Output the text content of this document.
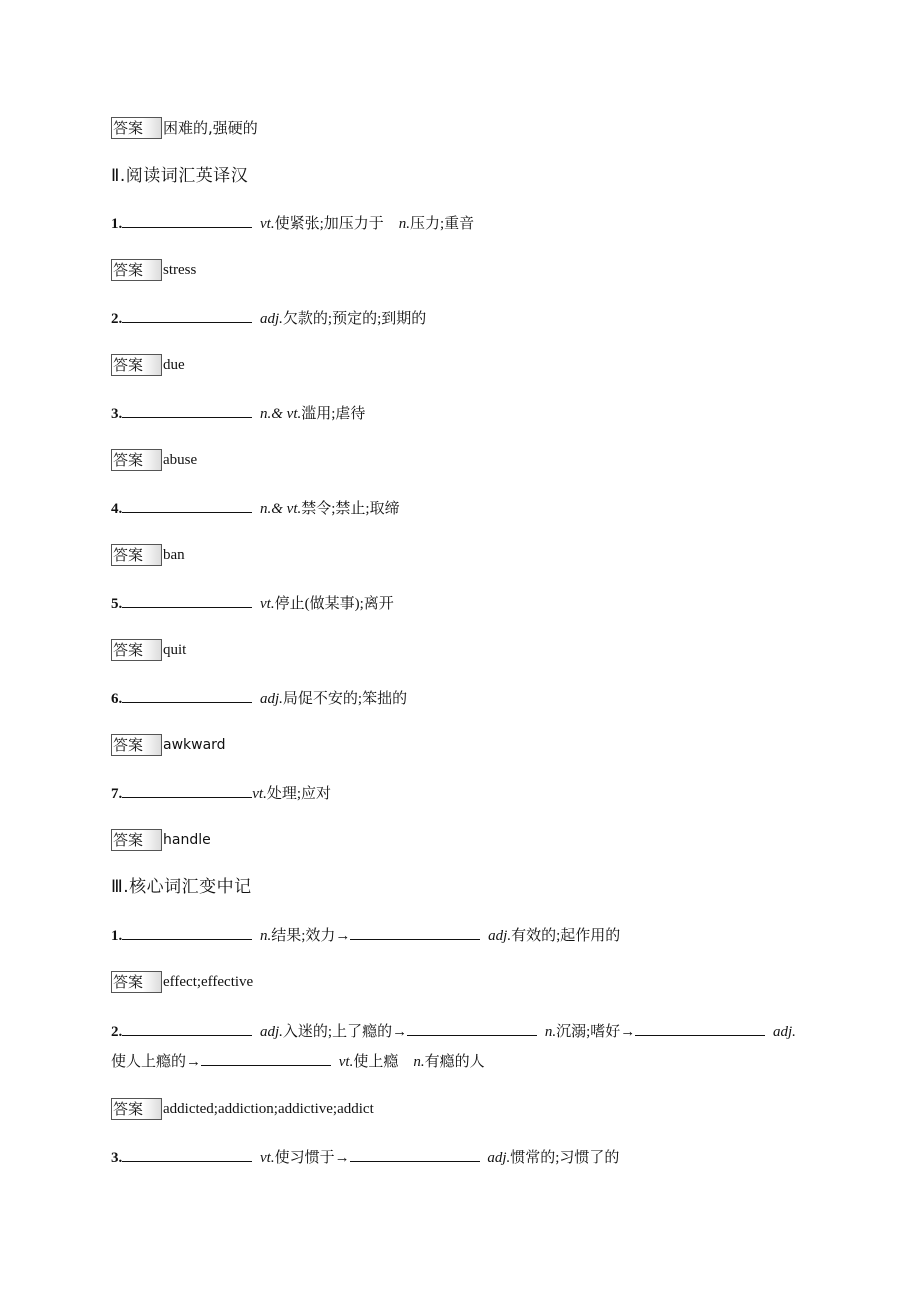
答案 困难的,强硬的
Ⅱ.阅读词汇英译汉
1.	vt.使紧张;加压力于 n.压力;重音
答案 stress
2.	adj.欠款的;预定的;到期的
答案 due
3.	n.& vt.滥用;虐待
答案 abuse
4.	n.& vt.禁令;禁止;取缔
答案 ban
5.	vt.停止(做某事);离开
答案 quit
6.	adj.局促不安的;笨拙的
答案 awkward
7.	vt.处理;应对
答案 handle
Ⅲ.核心词汇变中记
1.	n.结果;效力→	adj.有效的;起作用的
答案 effect;effective
2.	adj.入迷的;上了瘾的→	n.沉溺;嗜好→	adj.
使人上瘾的→	vt.使上瘾 n.有瘾的人
答案 addicted;addiction;addictive;addict
3.	vt.使习惯于→	adj.惯常的;习惯了的
